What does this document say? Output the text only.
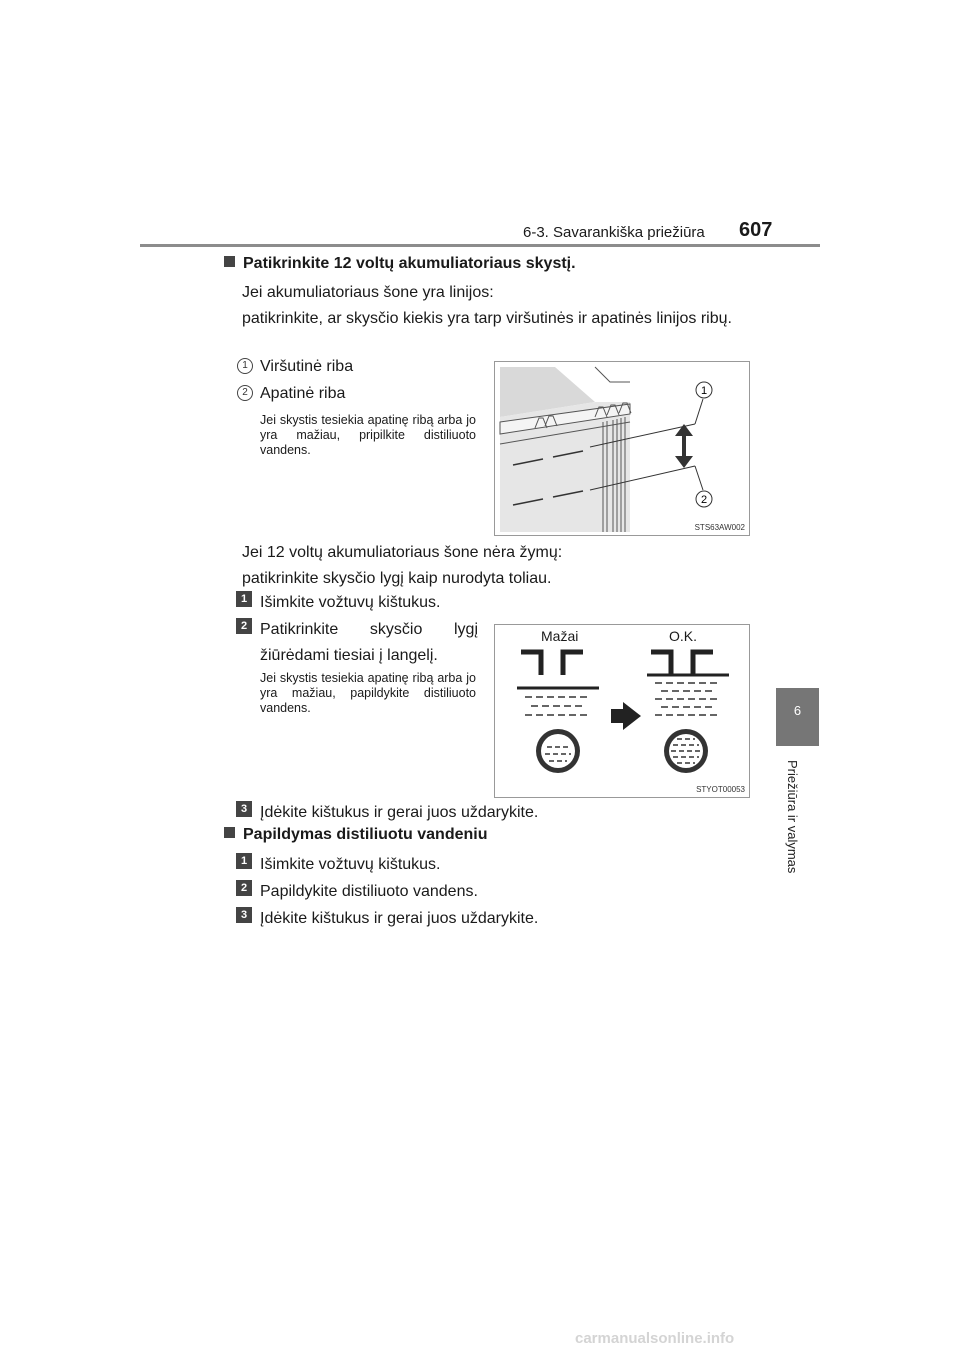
6-3. Savarankiška priežiūra 607
6
Priežiūra ir valymas
Patikrinkite 12 voltų akumuliatoriaus skystį.
Jei akumuliatoriaus šone yra linijos:
patikrinkite, ar skysčio kiekis yra tarp viršutinės ir apatinės linijos ribų.
1 Viršutinė riba
2 Apatinė riba
Jei skystis tesiekia apatinę ribą arba jo yra mažiau, pripilkite distiliuoto vandens.
1
2
STS63AW002
Jei 12 voltų akumuliatoriaus šone nėra žymų:
patikrinkite skysčio lygį kaip nurodyta toliau.
1 Išimkite vožtuvų kištukus.
2 Patikrinkite skysčio lygį žiūrėdami tiesiai į langelį.
Jei skystis tesiekia apatinę ribą arba jo yra mažiau, papildykite distiliuoto vandens.
Mažai	O.K.
STYOT00053
3 Įdėkite kištukus ir gerai juos uždarykite.
Papildymas distiliuotu vandeniu
1 Išimkite vožtuvų kištukus.
2 Papildykite distiliuoto vandens.
3 Įdėkite kištukus ir gerai juos uždarykite.
carmanualsonline.info
